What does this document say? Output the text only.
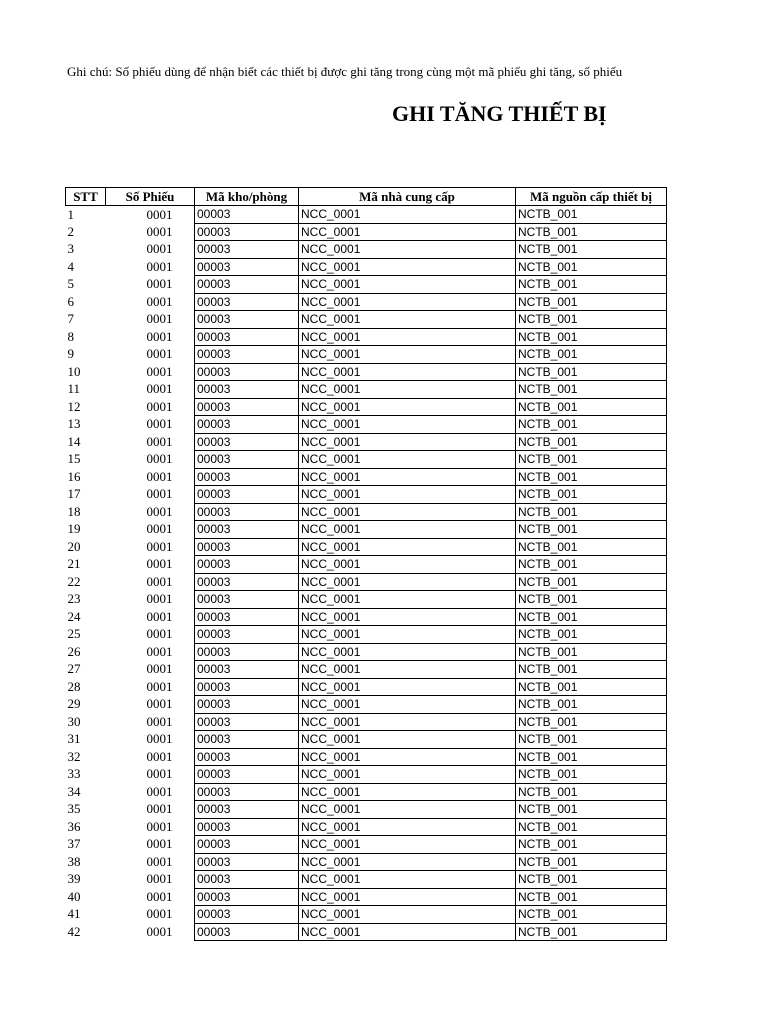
Ghi chú: Số phiếu dùng để nhận biết các thiết bị được ghi tăng trong cùng một mã phiếu ghi tăng, số phiếu
GHI TĂNG THIẾT BỊ
STT	Số Phiếu	Mã kho/phòng	Mã nhà cung cấp	Mã nguồn cấp thiết bị
1	0001	00003	NCC_0001	NCTB_001
2	0001	00003	NCC_0001	NCTB_001
3	0001	00003	NCC_0001	NCTB_001
4	0001	00003	NCC_0001	NCTB_001
5	0001	00003	NCC_0001	NCTB_001
6	0001	00003	NCC_0001	NCTB_001
7	0001	00003	NCC_0001	NCTB_001
8	0001	00003	NCC_0001	NCTB_001
9	0001	00003	NCC_0001	NCTB_001
10	0001	00003	NCC_0001	NCTB_001
11	0001	00003	NCC_0001	NCTB_001
12	0001	00003	NCC_0001	NCTB_001
13	0001	00003	NCC_0001	NCTB_001
14	0001	00003	NCC_0001	NCTB_001
15	0001	00003	NCC_0001	NCTB_001
16	0001	00003	NCC_0001	NCTB_001
17	0001	00003	NCC_0001	NCTB_001
18	0001	00003	NCC_0001	NCTB_001
19	0001	00003	NCC_0001	NCTB_001
20	0001	00003	NCC_0001	NCTB_001
21	0001	00003	NCC_0001	NCTB_001
22	0001	00003	NCC_0001	NCTB_001
23	0001	00003	NCC_0001	NCTB_001
24	0001	00003	NCC_0001	NCTB_001
25	0001	00003	NCC_0001	NCTB_001
26	0001	00003	NCC_0001	NCTB_001
27	0001	00003	NCC_0001	NCTB_001
28	0001	00003	NCC_0001	NCTB_001
29	0001	00003	NCC_0001	NCTB_001
30	0001	00003	NCC_0001	NCTB_001
31	0001	00003	NCC_0001	NCTB_001
32	0001	00003	NCC_0001	NCTB_001
33	0001	00003	NCC_0001	NCTB_001
34	0001	00003	NCC_0001	NCTB_001
35	0001	00003	NCC_0001	NCTB_001
36	0001	00003	NCC_0001	NCTB_001
37	0001	00003	NCC_0001	NCTB_001
38	0001	00003	NCC_0001	NCTB_001
39	0001	00003	NCC_0001	NCTB_001
40	0001	00003	NCC_0001	NCTB_001
41	0001	00003	NCC_0001	NCTB_001
42	0001	00003	NCC_0001	NCTB_001
